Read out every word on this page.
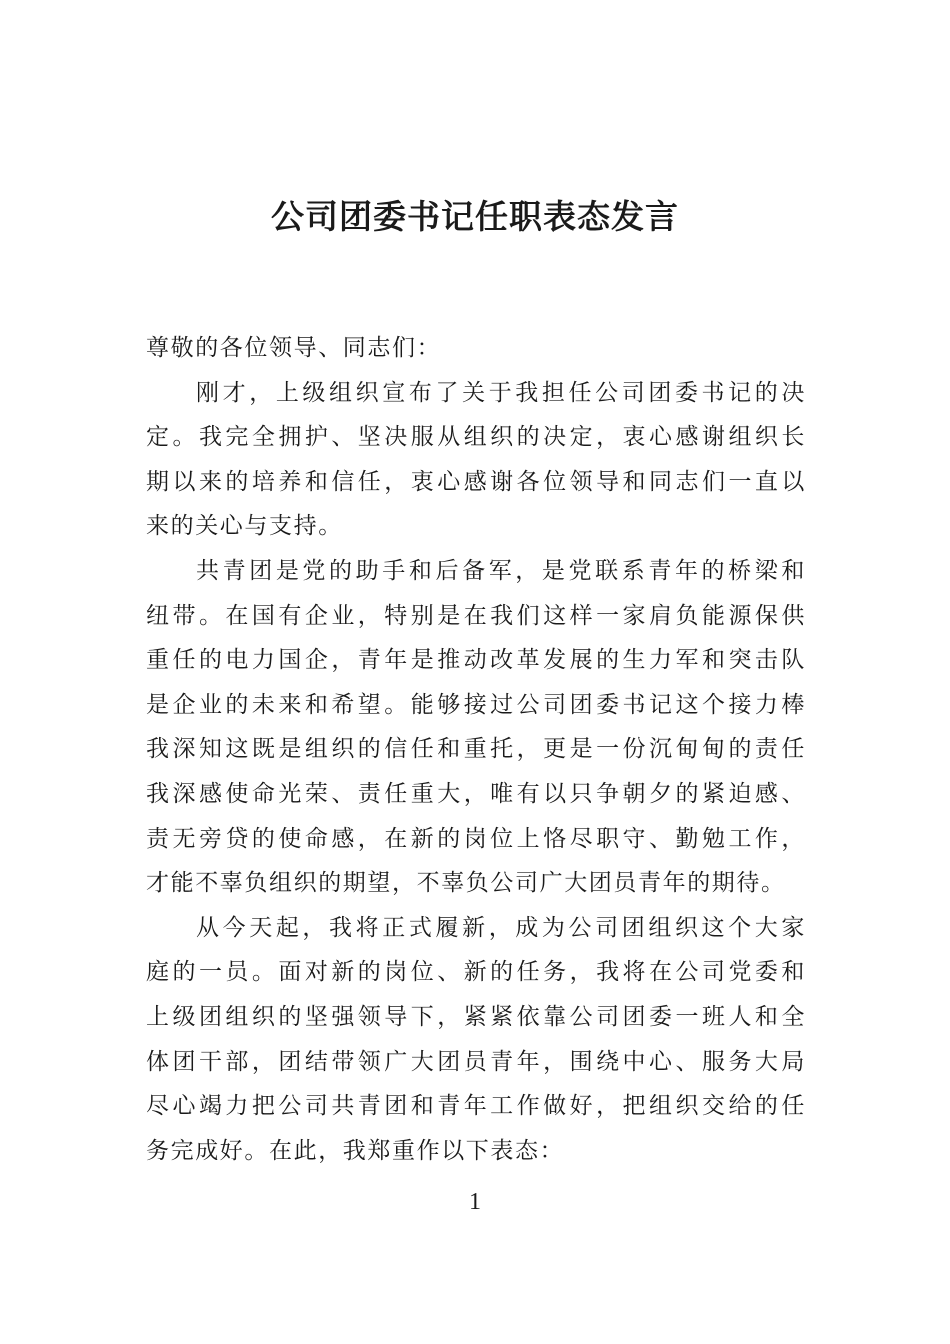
公司团委书记任职表态发言
尊敬的各位领导、同志们：
刚才，上级组织宣布了关于我担任公司团委书记的决
定。我完全拥护、坚决服从组织的决定，衷心感谢组织长
期以来的培养和信任，衷心感谢各位领导和同志们一直以
来的关心与支持。
共青团是党的助手和后备军，是党联系青年的桥梁和
纽带。在国有企业，特别是在我们这样一家肩负能源保供
重任的电力国企，青年是推动改革发展的生力军和突击队
是企业的未来和希望。能够接过公司团委书记这个接力棒
我深知这既是组织的信任和重托，更是一份沉甸甸的责任
我深感使命光荣、责任重大，唯有以只争朝夕的紧迫感、
责无旁贷的使命感，在新的岗位上恪尽职守、勤勉工作，
才能不辜负组织的期望，不辜负公司广大团员青年的期待。
从今天起，我将正式履新，成为公司团组织这个大家
庭的一员。面对新的岗位、新的任务，我将在公司党委和
上级团组织的坚强领导下，紧紧依靠公司团委一班人和全
体团干部，团结带领广大团员青年，围绕中心、服务大局
尽心竭力把公司共青团和青年工作做好，把组织交给的任
务完成好。在此，我郑重作以下表态：
1
